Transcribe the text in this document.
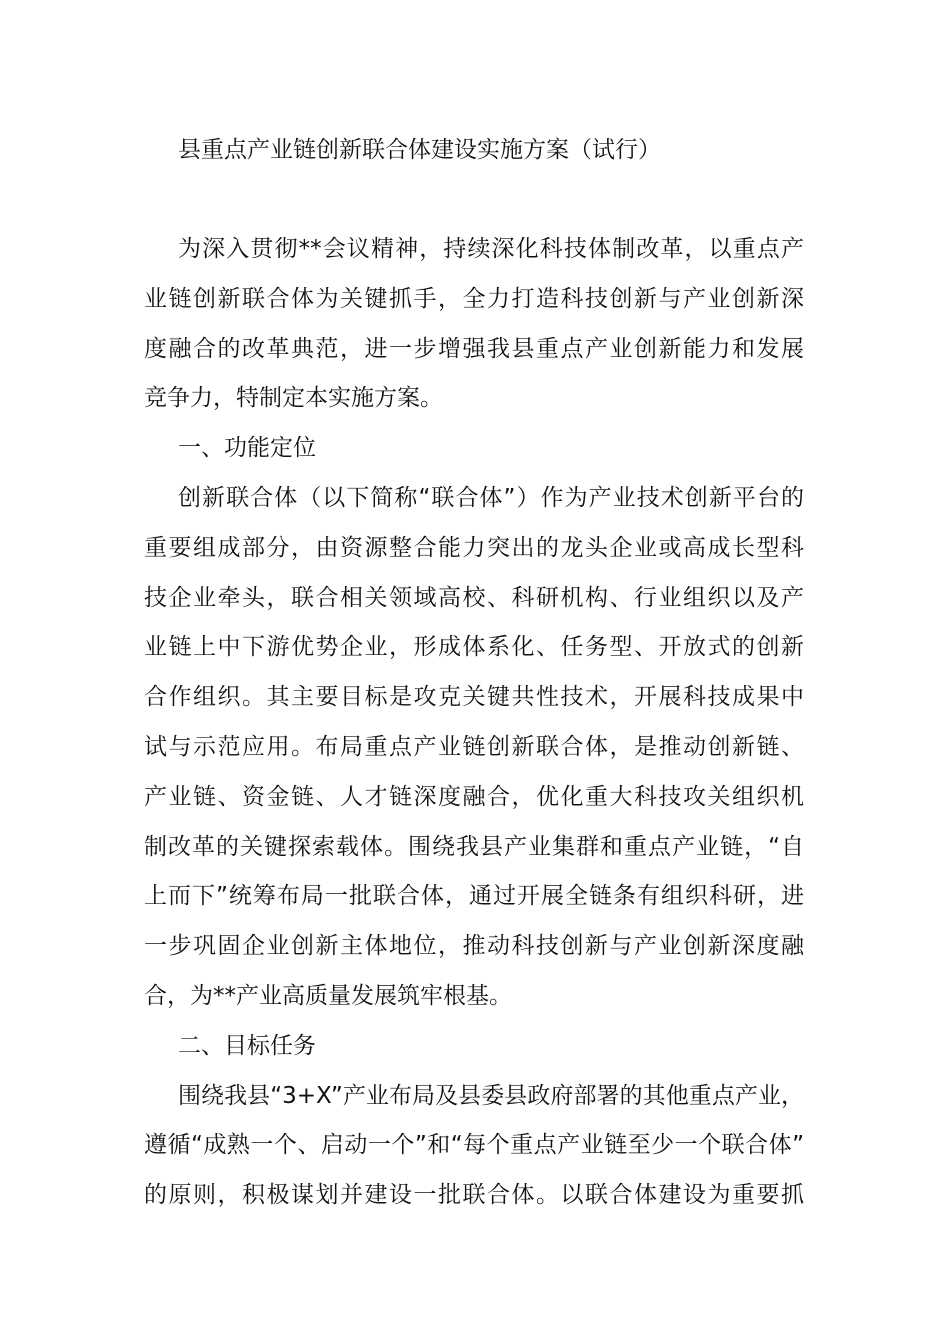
县重点产业链创新联合体建设实施方案（试行）
为深入贯彻**会议精神，持续深化科技体制改革，以重点产
业链创新联合体为关键抓手，全力打造科技创新与产业创新深
度融合的改革典范，进一步增强我县重点产业创新能力和发展
竞争力，特制定本实施方案。
一、功能定位
创新联合体（以下简称“联合体”）作为产业技术创新平台的
重要组成部分，由资源整合能力突出的龙头企业或高成长型科
技企业牵头，联合相关领域高校、科研机构、行业组织以及产
业链上中下游优势企业，形成体系化、任务型、开放式的创新
合作组织。其主要目标是攻克关键共性技术，开展科技成果中
试与示范应用。布局重点产业链创新联合体，是推动创新链、
产业链、资金链、人才链深度融合，优化重大科技攻关组织机
制改革的关键探索载体。围绕我县产业集群和重点产业链，“自
上而下”统筹布局一批联合体，通过开展全链条有组织科研，进
一步巩固企业创新主体地位，推动科技创新与产业创新深度融
合，为**产业高质量发展筑牢根基。
二、目标任务
围绕我县“3+X”产业布局及县委县政府部署的其他重点产业，
遵循“成熟一个、启动一个”和“每个重点产业链至少一个联合体”
的原则，积极谋划并建设一批联合体。以联合体建设为重要抓
